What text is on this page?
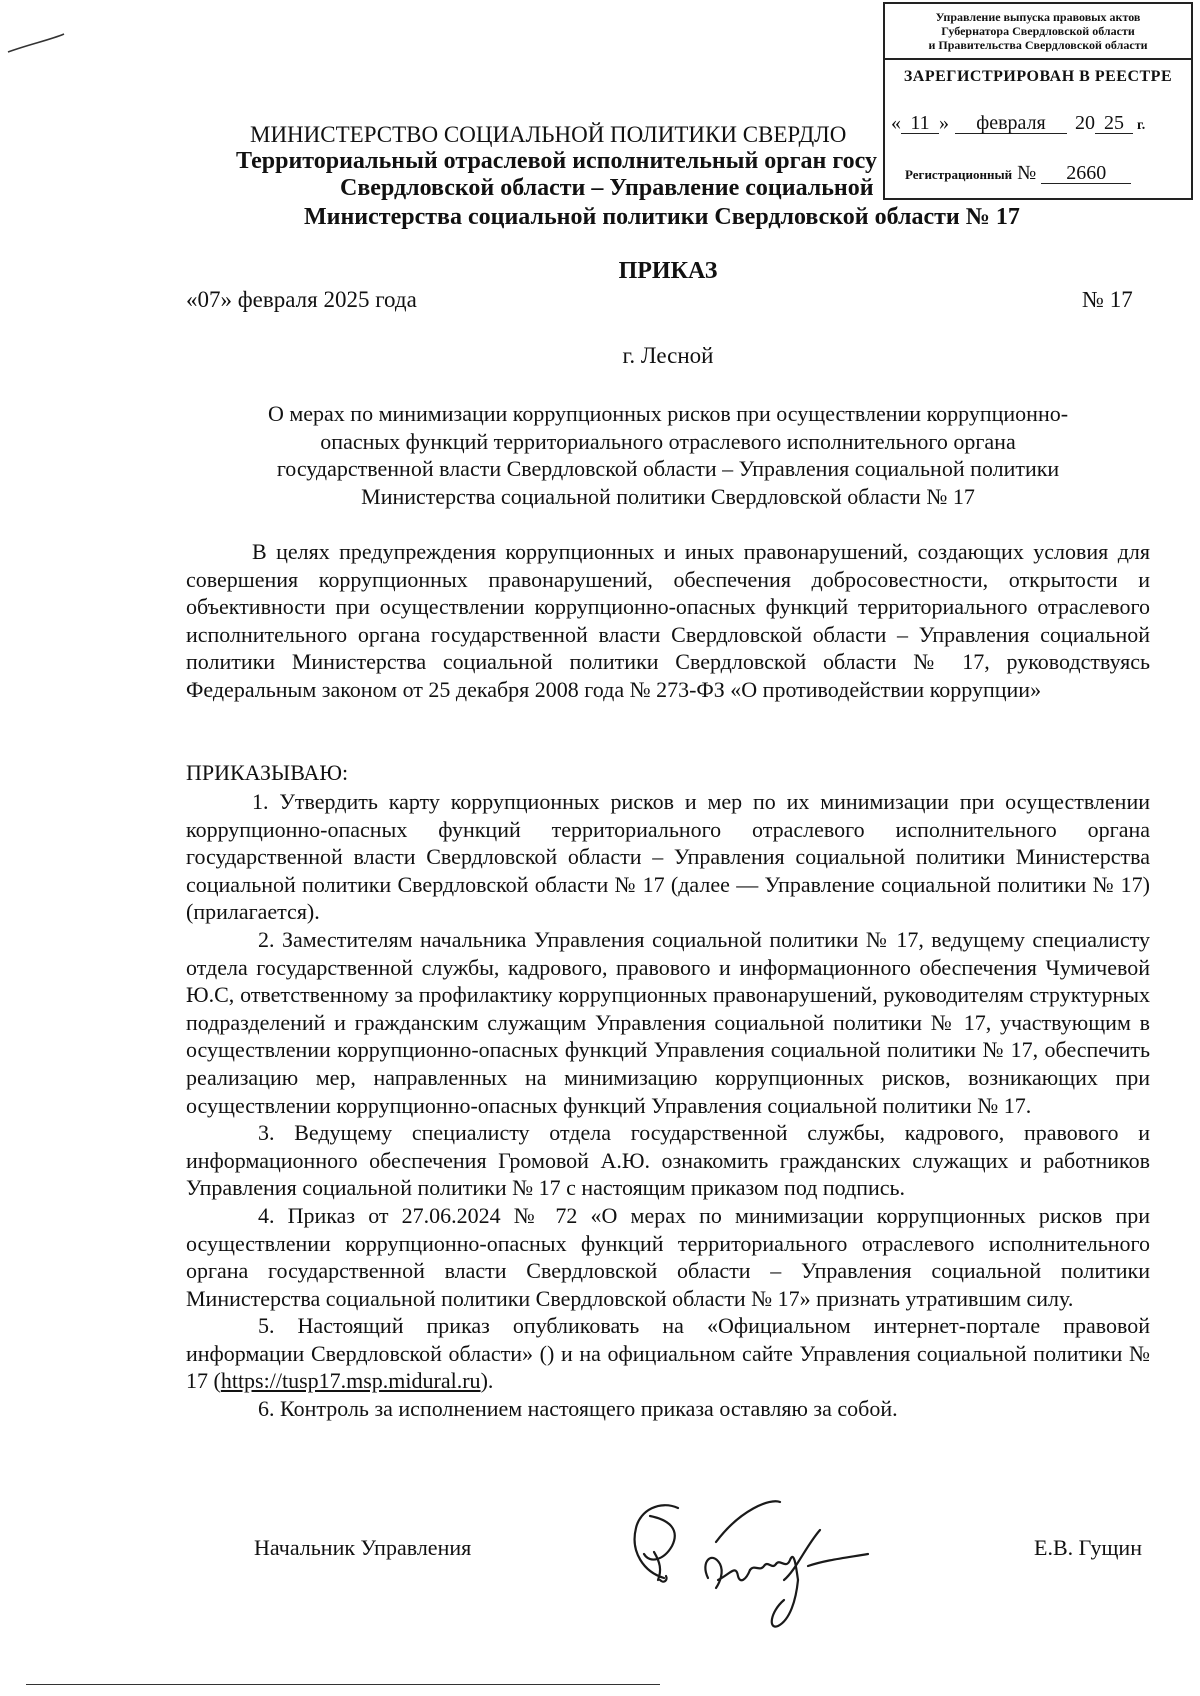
Управление выпуска правовых актов
Губернатора Свердловской области
и Правительства Свердловской области
ЗАРЕГИСТРИРОВАН В РЕЕСТРЕ
« 11 » февраля 20 25 г.
Регистрационный № 2660
МИНИСТЕРСТВО СОЦИАЛЬНОЙ ПОЛИТИКИ СВЕРДЛО
Территориальный отраслевой исполнительный орган госу
Свердловской области – Управление социальной
Министерства социальной политики Свердловской области № 17
ПРИКАЗ
«07» февраля 2025 года	№ 17
г. Лесной
О мерах по минимизации коррупционных рисков при осуществлении коррупционно-
опасных функций территориального отраслевого исполнительного органа
государственной власти Свердловской области – Управления социальной политики
Министерства социальной политики Свердловской области № 17

В целях предупреждения коррупционных и иных правонарушений, создающих условия для совершения коррупционных правонарушений, обеспечения добросовестности, открытости и объективности при осуществлении коррупционно-опасных функций территориального отраслевого исполнительного органа государственной власти Свердловской области – Управления социальной политики Министерства социальной политики Свердловской области № 17, руководствуясь Федеральным законом от 25 декабря 2008 года № 273-ФЗ «О противодействии коррупции»

ПРИКАЗЫВАЮ:

1. Утвердить карту коррупционных рисков и мер по их минимизации при осуществлении коррупционно-опасных функций территориального отраслевого исполнительного органа государственной власти Свердловской области – Управления социальной политики Министерства социальной политики Свердловской области № 17 (далее — Управление социальной политики № 17) (прилагается).

2. Заместителям начальника Управления социальной политики № 17, ведущему специалисту отдела государственной службы, кадрового, правового и информационного обеспечения Чумичевой Ю.С, ответственному за профилактику коррупционных правонарушений, руководителям структурных подразделений и гражданским служащим Управления социальной политики № 17, участвующим в осуществлении коррупционно-опасных функций Управления социальной политики № 17, обеспечить реализацию мер, направленных на минимизацию коррупционных рисков, возникающих при осуществлении коррупционно-опасных функций Управления социальной политики № 17.

3. Ведущему специалисту отдела государственной службы, кадрового, правового и информационного обеспечения Громовой А.Ю. ознакомить гражданских служащих и работников Управления социальной политики № 17 с настоящим приказом под подпись.

4. Приказ от 27.06.2024 № 72 «О мерах по минимизации коррупционных рисков при осуществлении коррупционно-опасных функций территориального отраслевого исполнительного органа государственной власти Свердловской области – Управления социальной политики Министерства социальной политики Свердловской области № 17» признать утратившим силу.

5. Настоящий приказ опубликовать на «Официальном интернет-портале правовой информации Свердловской области» () и на официальном сайте Управления социальной политики № 17 (https://tusp17.msp.midural.ru).

6. Контроль за исполнением настоящего приказа оставляю за собой.

Начальник Управления	Е.В. Гущин
